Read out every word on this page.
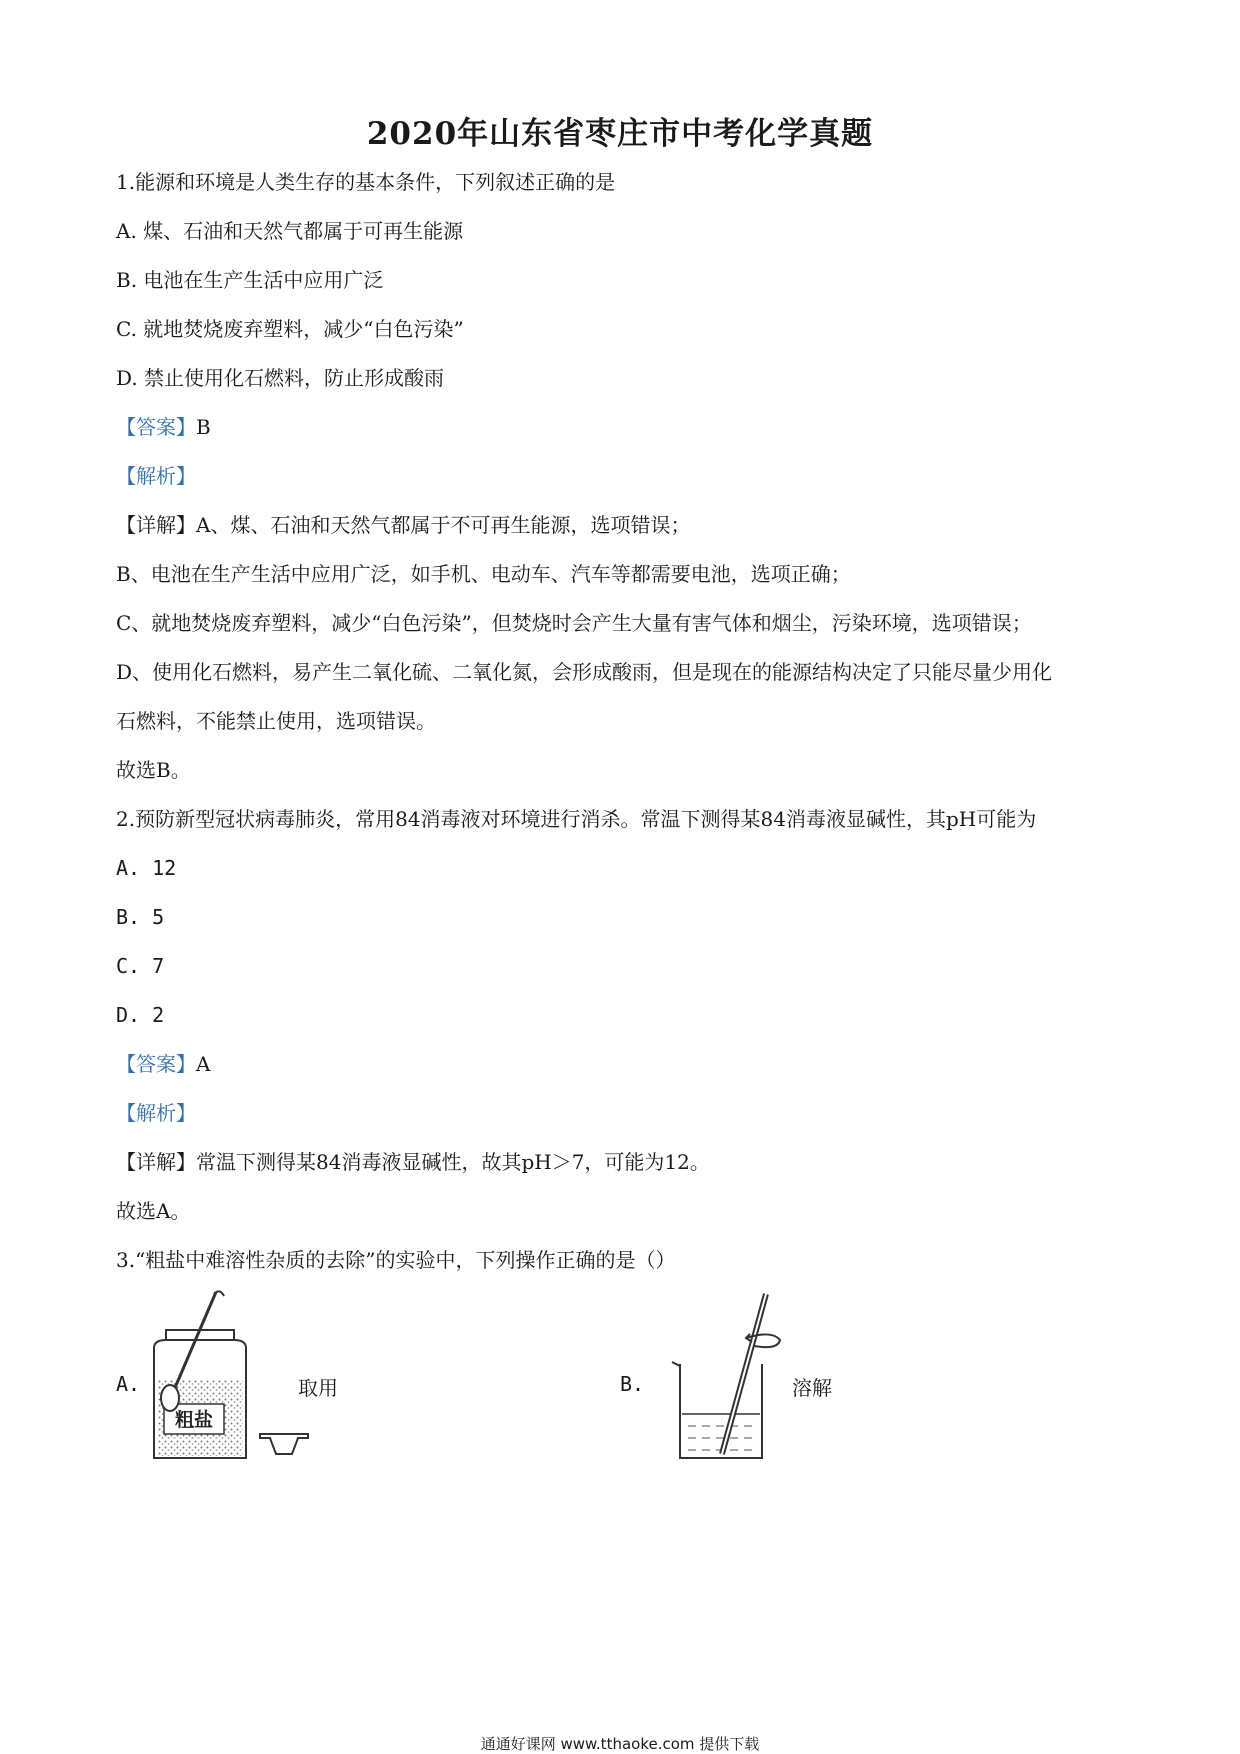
2020年山东省枣庄市中考化学真题
1.能源和环境是人类生存的基本条件，下列叙述正确的是
A. 煤、石油和天然气都属于可再生能源
B. 电池在生产生活中应用广泛
C. 就地焚烧废弃塑料，减少“白色污染”
D. 禁止使用化石燃料，防止形成酸雨
【答案】B
【解析】
【详解】A、煤、石油和天然气都属于不可再生能源，选项错误；
B、电池在生产生活中应用广泛，如手机、电动车、汽车等都需要电池，选项正确；
C、就地焚烧废弃塑料，减少“白色污染”，但焚烧时会产生大量有害气体和烟尘，污染环境，选项错误；
D、使用化石燃料，易产生二氧化硫、二氧化氮，会形成酸雨，但是现在的能源结构决定了只能尽量少用化
石燃料，不能禁止使用，选项错误。
故选B。
2.预防新型冠状病毒肺炎，常用84消毒液对环境进行消杀。常温下测得某84消毒液显碱性，其pH可能为
A. 12
B. 5
C. 7
D. 2
【答案】A
【解析】
【详解】常温下测得某84消毒液显碱性，故其pH＞7，可能为12。
故选A。
3.“粗盐中难溶性杂质的去除”的实验中，下列操作正确的是（）
A.
粗盐
取用	B.	溶解
通通好课网 www.tthaoke.com 提供下载
